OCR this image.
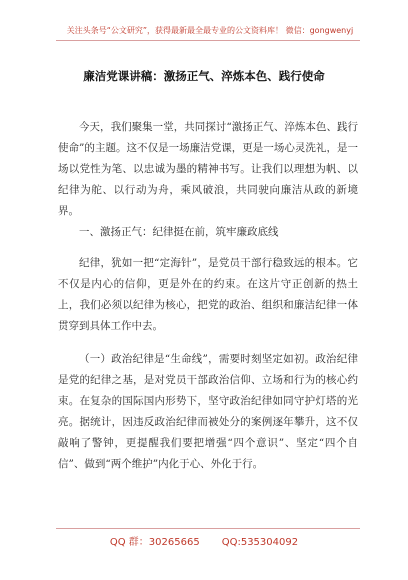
关注头条号“公文研究”，获得最新最全最专业的公文资料库！ 微信：gongwenyj
廉洁党课讲稿：激扬正气、淬炼本色、践行使命

今天，我们聚集一堂，共同探讨“激扬正气、淬炼本色、践行使命”的主题。这不仅是一场廉洁党课，更是一场心灵洗礼，是一场以党性为笔、以忠诚为墨的精神书写。让我们以理想为帆、以纪律为舵、以行动为舟，乘风破浪，共同驶向廉洁从政的新境界。

一、激扬正气：纪律挺在前，筑牢廉政底线

纪律，犹如一把“定海针”，是党员干部行稳致远的根本。它不仅是内心的信仰，更是外在的约束。在这片守正创新的热土上，我们必须以纪律为核心，把党的政治、组织和廉洁纪律一体贯穿到具体工作中去。

（一）政治纪律是“生命线”，需要时刻坚定如初。政治纪律是党的纪律之基，是对党员干部政治信仰、立场和行为的核心约束。在复杂的国际国内形势下，坚守政治纪律如同守护灯塔的光亮。据统计，因违反政治纪律而被处分的案例逐年攀升，这不仅敲响了警钟，更提醒我们要把增强“四个意识”、坚定“四个自信”、做到“两个维护”内化于心、外化于行。

QQ 群：30265665 QQ:535304092
